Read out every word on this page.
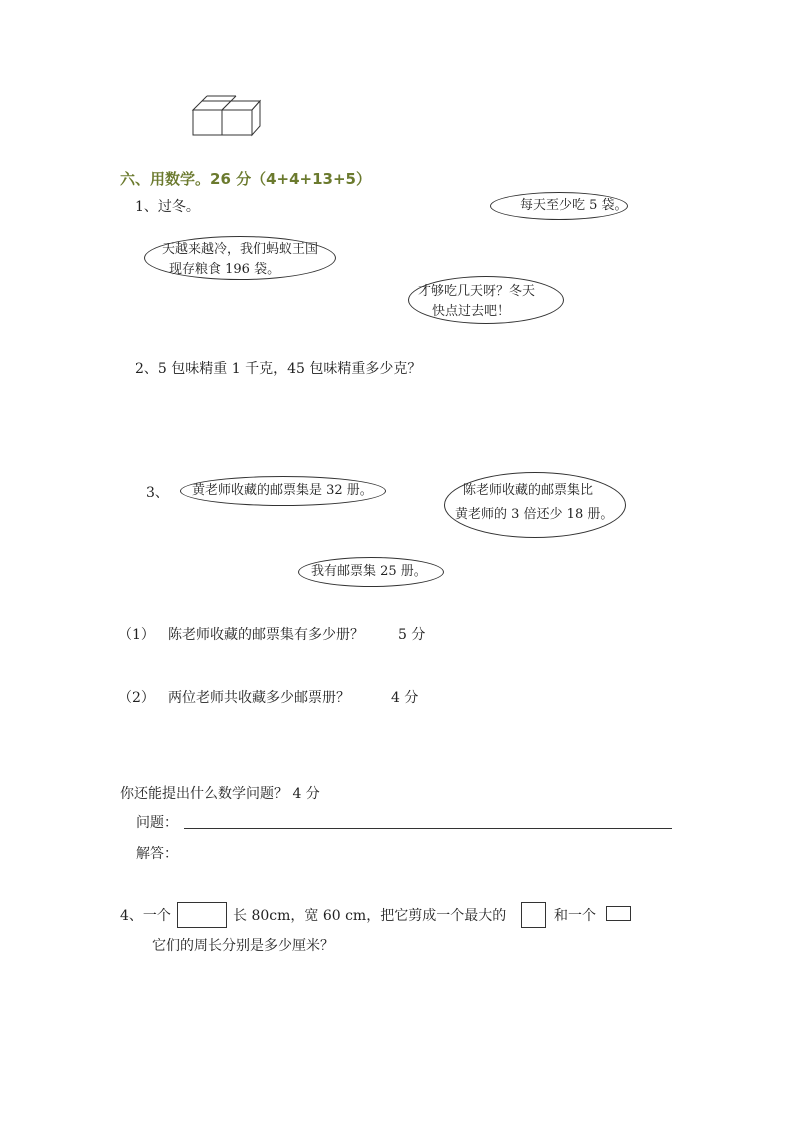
六、用数学。26 分（4+4+13+5）
1、过冬。	每天至少吃 5 袋。
天越来越冷，我们蚂蚁王国
现存粮食 196 袋。
才够吃几天呀？冬天
快点过去吧！
2、5 包味精重 1 千克，45 包味精重多少克？
3、 黄老师收藏的邮票集是 32 册。	陈老师收藏的邮票集比
黄老师的 3 倍还少 18 册。
我有邮票集 25 册。
（1） 陈老师收藏的邮票集有多少册？ 5 分
（2） 两位老师共收藏多少邮票册？	4 分
你还能提出什么数学问题？ 4 分
问题：
解答：
4、一个	长 80cm，宽 60 cm，把它剪成一个最大的	和一个
它们的周长分别是多少厘米？
